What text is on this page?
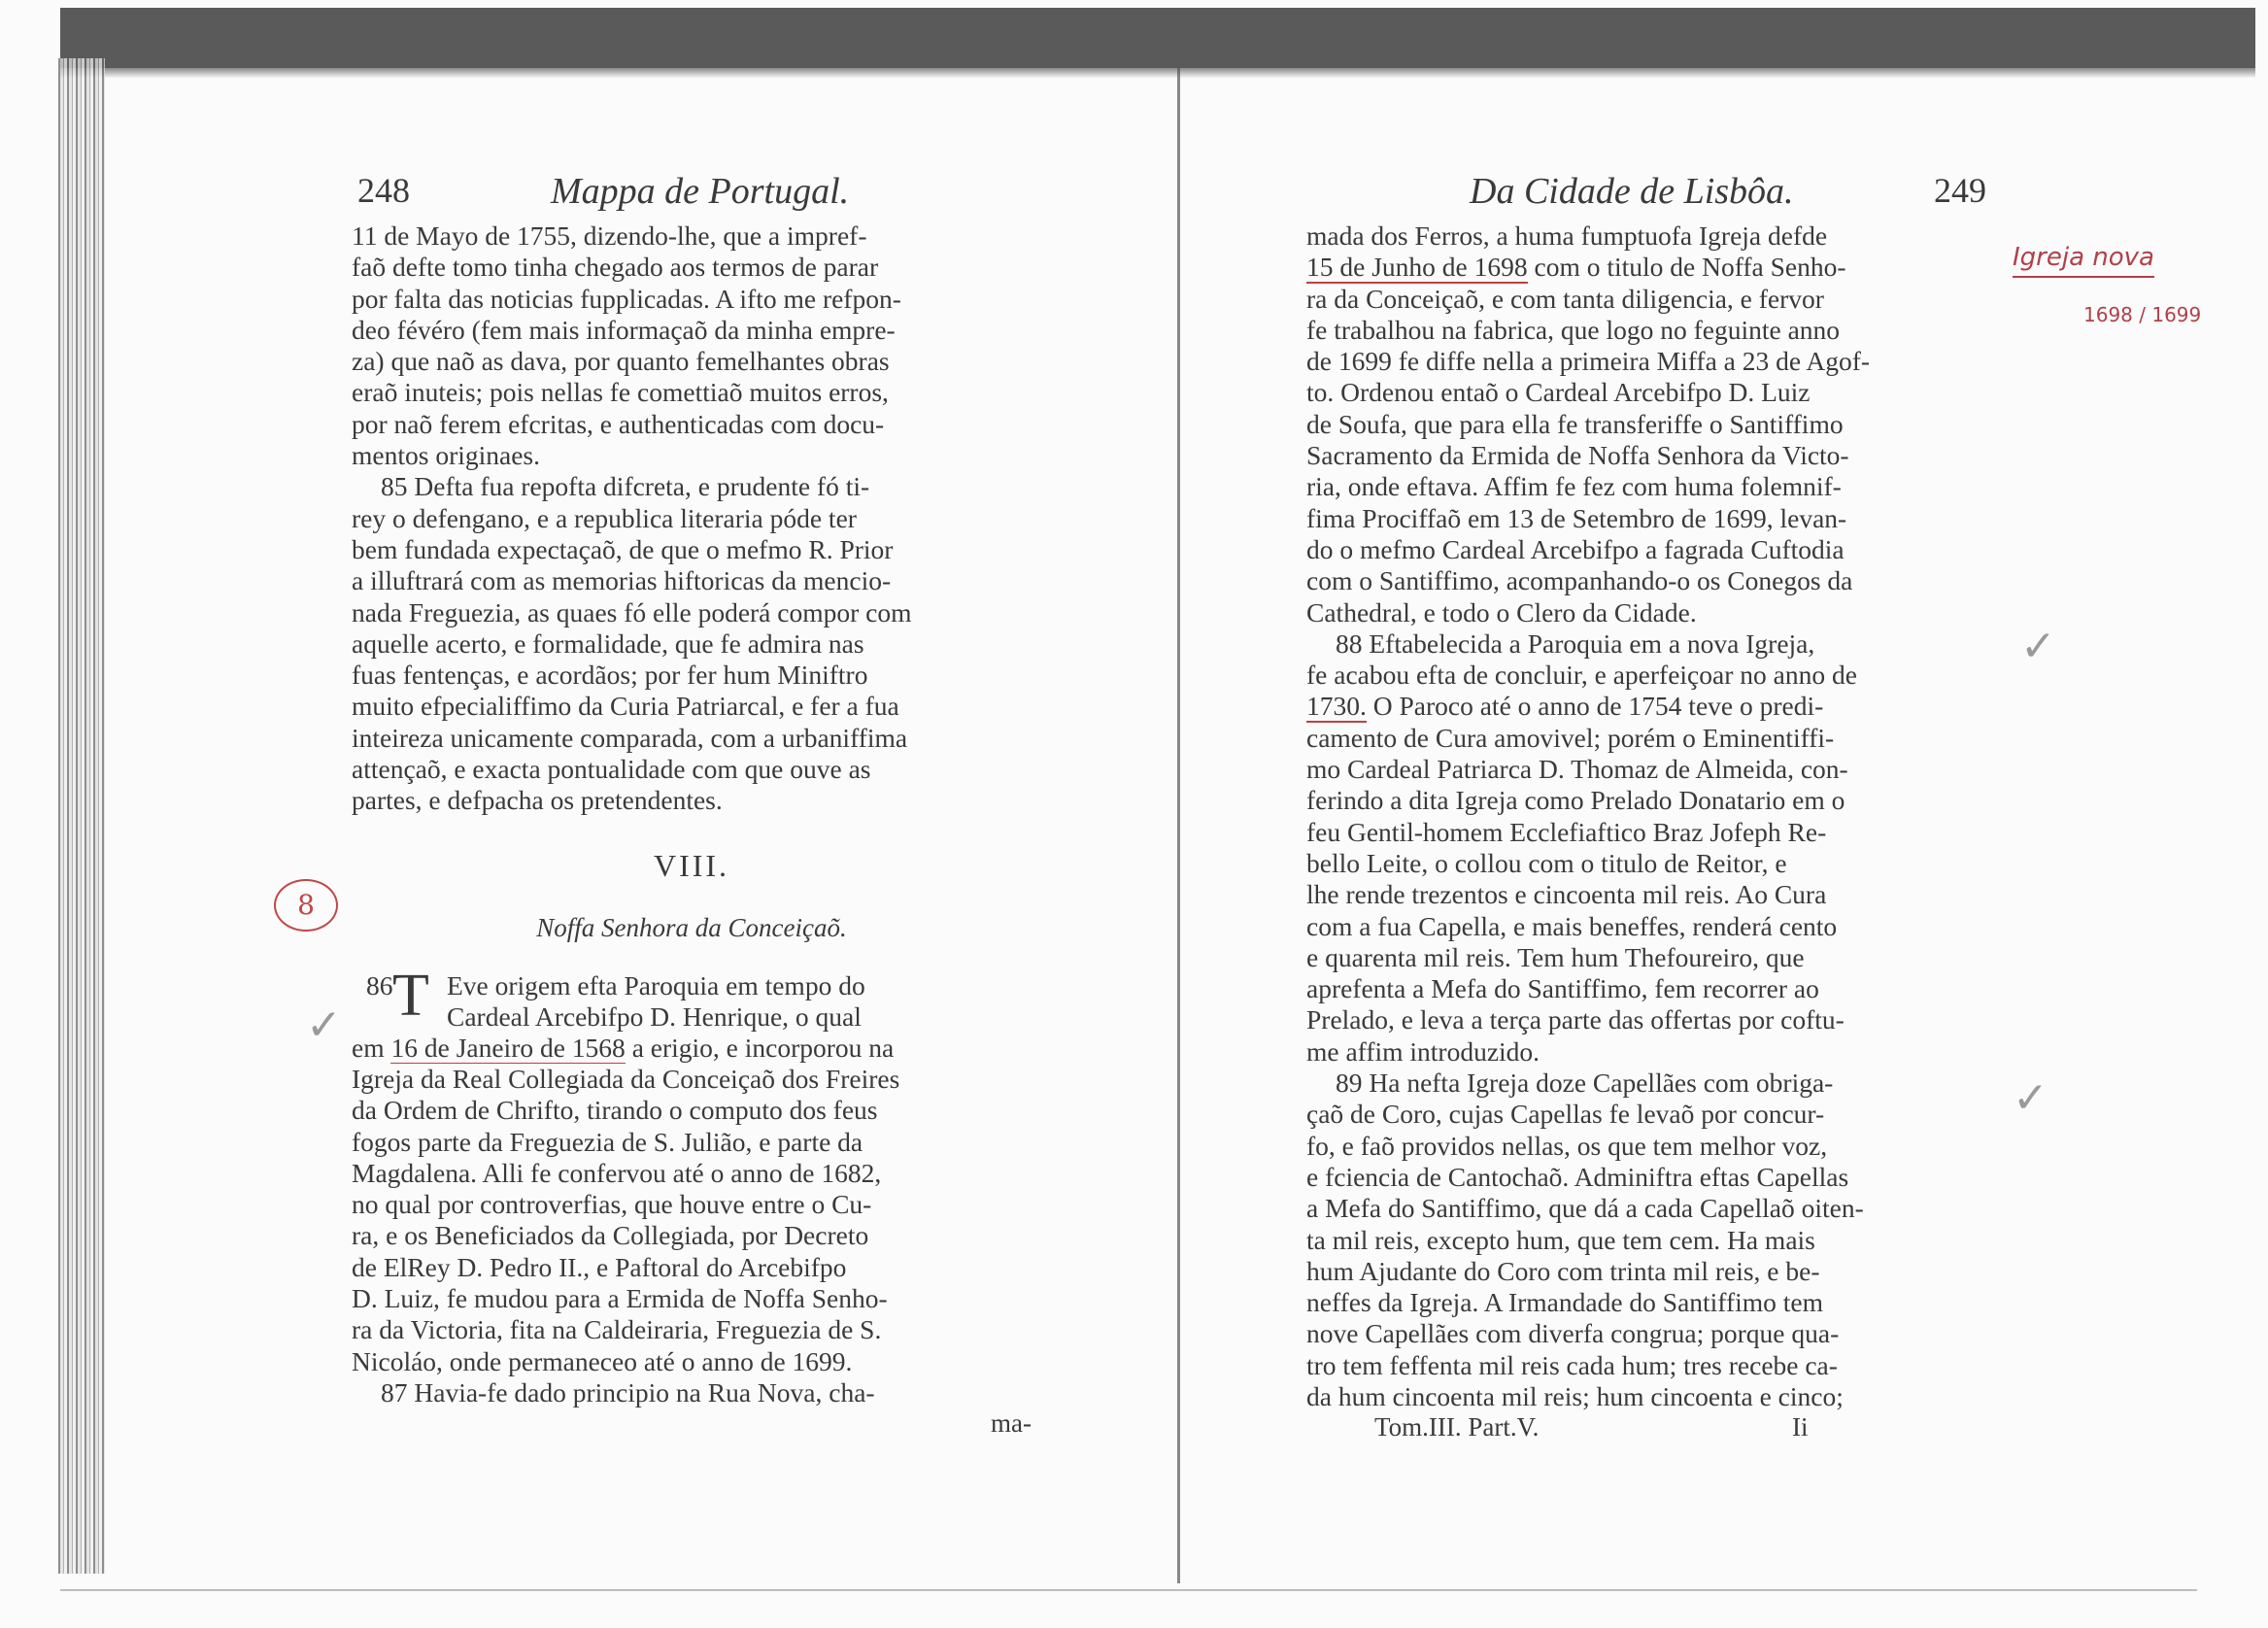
248	Mappa de Portugal.
11 de Mayo de 1755, dizendo-lhe, que a impref-
faõ defte tomo tinha chegado aos termos de parar
por falta das noticias fupplicadas. A ifto me refpon-
deo févéro (fem mais informaçaõ da minha empre-
za) que naõ as dava, por quanto femelhantes obras
eraõ inuteis; pois nellas fe comettiaõ muitos erros,
por naõ ferem efcritas, e authenticadas com docu-
mentos originaes.
85 Defta fua repofta difcreta, e prudente fó ti-
rey o defengano, e a republica literaria póde ter
bem fundada expectaçaõ, de que o mefmo R. Prior
a illuftrará com as memorias hiftoricas da mencio-
nada Freguezia, as quaes fó elle poderá compor com
aquelle acerto, e formalidade, que fe admira nas
fuas fentenças, e acordãos; por fer hum Miniftro
muito efpecialiffimo da Curia Patriarcal, e fer a fua
inteireza unicamente comparada, com a urbaniffima
attençaõ, e exacta pontualidade com que ouve as
partes, e defpacha os pretendentes.
VIII.
Noffa Senhora da Conceiçaõ.
86 T Eve origem efta Paroquia em tempo do
Cardeal Arcebifpo D. Henrique, o qual
em 16 de Janeiro de 1568 a erigio, e incorporou na
Igreja da Real Collegiada da Conceiçaõ dos Freires
da Ordem de Chrifto, tirando o computo dos feus
fogos parte da Freguezia de S. Julião, e parte da
Magdalena. Alli fe confervou até o anno de 1682,
no qual por controverfias, que houve entre o Cu-
ra, e os Beneficiados da Collegiada, por Decreto
de ElRey D. Pedro II., e Paftoral do Arcebifpo
D. Luiz, fe mudou para a Ermida de Noffa Senho-
ra da Victoria, fita na Caldeiraria, Freguezia de S.
Nicoláo, onde permaneceo até o anno de 1699.
87 Havia-fe dado principio na Rua Nova, cha-
ma-
Da Cidade de Lisbôa.	249
mada dos Ferros, a huma fumptuofa Igreja defde
15 de Junho de 1698 com o titulo de Noffa Senho-
ra da Conceiçaõ, e com tanta diligencia, e fervor
fe trabalhou na fabrica, que logo no feguinte anno
de 1699 fe diffe nella a primeira Miffa a 23 de Agof-
to. Ordenou entaõ o Cardeal Arcebifpo D. Luiz
de Soufa, que para ella fe transferiffe o Santiffimo
Sacramento da Ermida de Noffa Senhora da Victo-
ria, onde eftava. Affim fe fez com huma folemnif-
fima Prociffaõ em 13 de Setembro de 1699, levan-
do o mefmo Cardeal Arcebifpo a fagrada Cuftodia
com o Santiffimo, acompanhando-o os Conegos da
Cathedral, e todo o Clero da Cidade.
88 Eftabelecida a Paroquia em a nova Igreja,
fe acabou efta de concluir, e aperfeiçoar no anno de
1730. O Paroco até o anno de 1754 teve o predi-
camento de Cura amovivel; porém o Eminentiffi-
mo Cardeal Patriarca D. Thomaz de Almeida, con-
ferindo a dita Igreja como Prelado Donatario em o
feu Gentil-homem Ecclefiaftico Braz Jofeph Re-
bello Leite, o collou com o titulo de Reitor, e
lhe rende trezentos e cincoenta mil reis. Ao Cura
com a fua Capella, e mais beneffes, renderá cento
e quarenta mil reis. Tem hum Thefoureiro, que
aprefenta a Mefa do Santiffimo, fem recorrer ao
Prelado, e leva a terça parte das offertas por coftu-
me affim introduzido.
89 Ha nefta Igreja doze Capellães com obriga-
çaõ de Coro, cujas Capellas fe levaõ por concur-
fo, e faõ providos nellas, os que tem melhor voz,
e fciencia de Cantochaõ. Adminiftra eftas Capellas
a Mefa do Santiffimo, que dá a cada Capellaõ oiten-
ta mil reis, excepto hum, que tem cem. Ha mais
hum Ajudante do Coro com trinta mil reis, e be-
neffes da Igreja. A Irmandade do Santiffimo tem
nove Capellães com diverfa congrua; porque qua-
tro tem feffenta mil reis cada hum; tres recebe ca-
da hum cincoenta mil reis; hum cincoenta e cinco;
Tom.III. Part.V.	Ii
8
Igreja nova
1698 / 1699
✓
✓
✓
